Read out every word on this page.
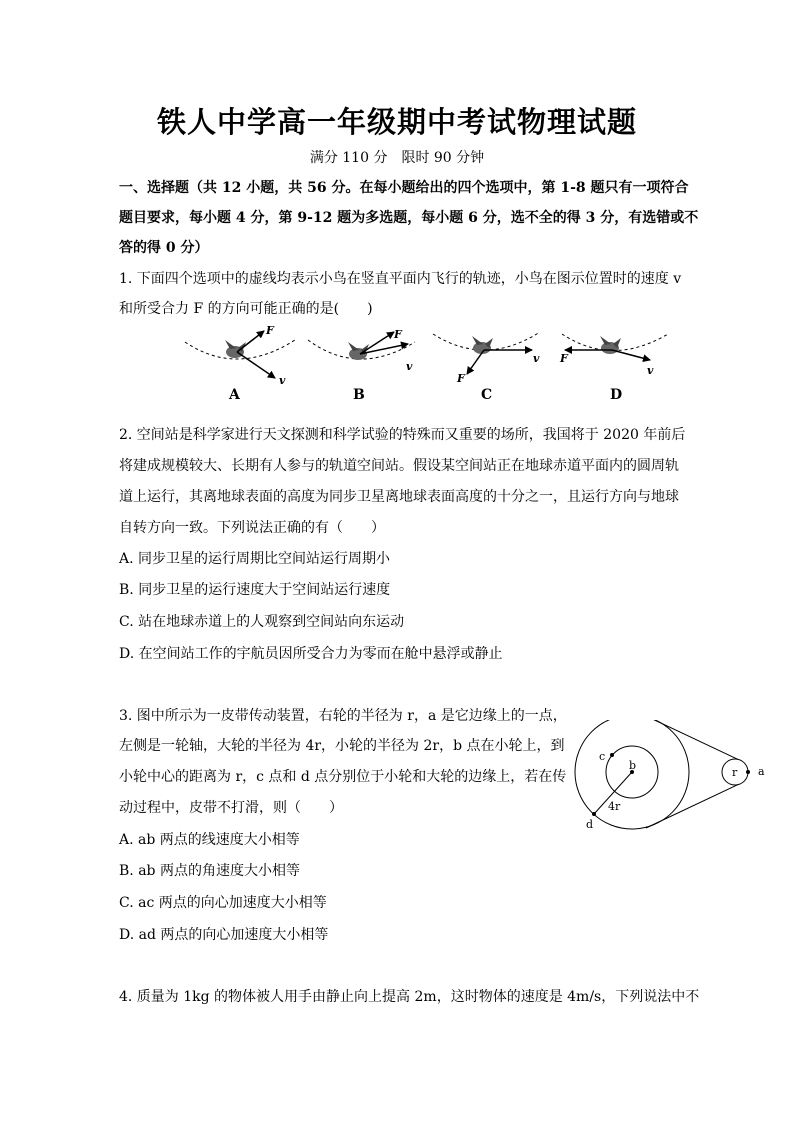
铁人中学高一年级期中考试物理试题
满分 110 分　限时 90 分钟
一、选择题（共 12 小题，共 56 分。在每小题给出的四个选项中，第 1-8 题只有一项符合
题目要求，每小题 4 分，第 9-12 题为多选题，每小题 6 分，选不全的得 3 分，有选错或不
答的得 0 分）
1. 下面四个选项中的虚线均表示小鸟在竖直平面内飞行的轨迹，小鸟在图示位置时的速度 v
和所受合力 F 的方向可能正确的是(　　)
F
v
A
F
v
B
v
F
C
F
v
D
2. 空间站是科学家进行天文探测和科学试验的特殊而又重要的场所，我国将于 2020 年前后
将建成规模较大、长期有人参与的轨道空间站。假设某空间站正在地球赤道平面内的圆周轨
道上运行，其离地球表面的高度为同步卫星离地球表面高度的十分之一，且运行方向与地球
自转方向一致。下列说法正确的有（　　）
A. 同步卫星的运行周期比空间站运行周期小
B. 同步卫星的运行速度大于空间站运行速度
C. 站在地球赤道上的人观察到空间站向东运动
D. 在空间站工作的宇航员因所受合力为零而在舱中悬浮或静止
3. 图中所示为一皮带传动装置，右轮的半径为 r，a 是它边缘上的一点，
左侧是一轮轴，大轮的半径为 4r，小轮的半径为 2r，b 点在小轮上，到
小轮中心的距离为 r，c 点和 d 点分别位于小轮和大轮的边缘上，若在传
动过程中，皮带不打滑，则（　　）
A. ab 两点的线速度大小相等
B. ab 两点的角速度大小相等
C. ac 两点的向心加速度大小相等
D. ad 两点的向心加速度大小相等
c
b
r a
4r
d
4. 质量为 1kg 的物体被人用手由静止向上提高 2m，这时物体的速度是 4m/s，下列说法中不
